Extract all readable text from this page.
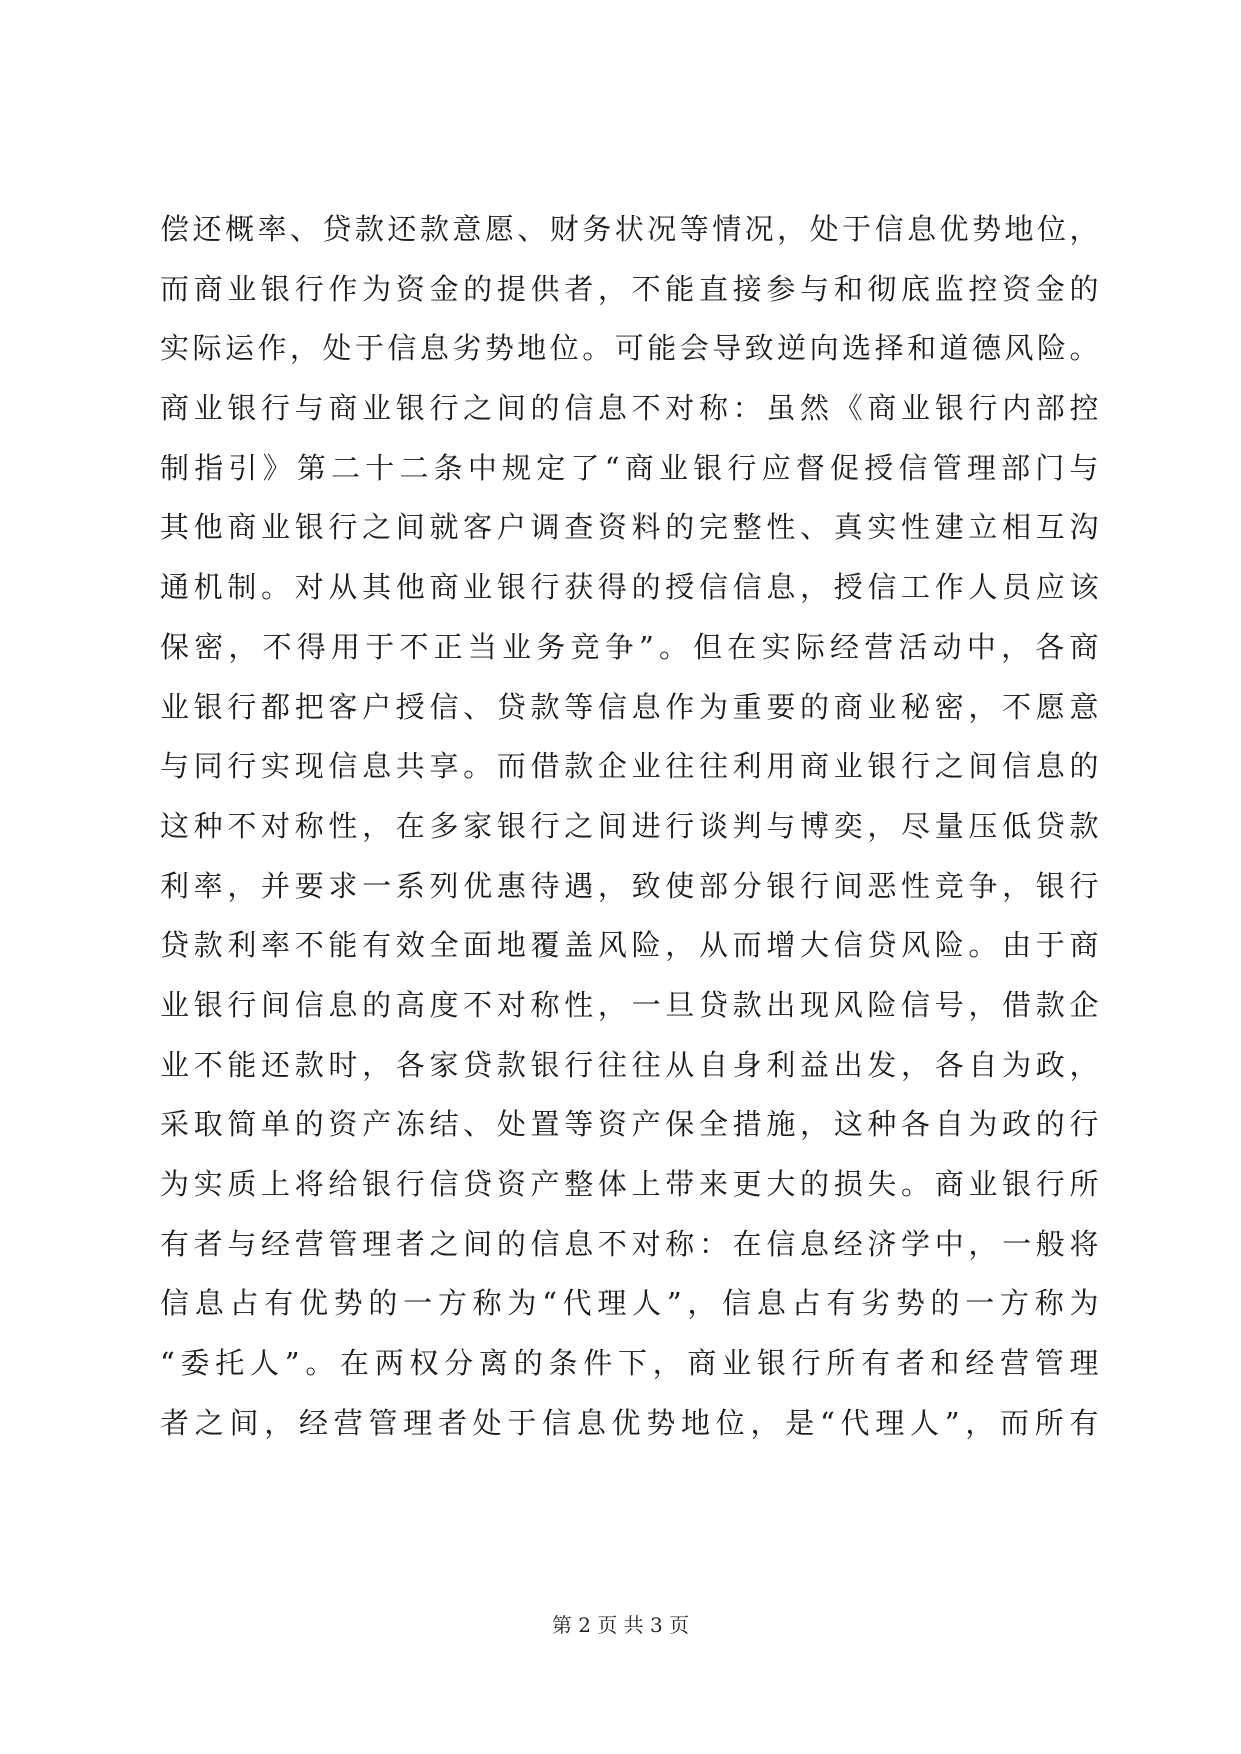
偿还概率、贷款还款意愿、财务状况等情况，处于信息优势地位，
而商业银行作为资金的提供者，不能直接参与和彻底监控资金的
实际运作，处于信息劣势地位。可能会导致逆向选择和道德风险。
商业银行与商业银行之间的信息不对称：虽然《商业银行内部控
制指引》第二十二条中规定了“商业银行应督促授信管理部门与
其他商业银行之间就客户调查资料的完整性、真实性建立相互沟
通机制。对从其他商业银行获得的授信信息，授信工作人员应该
保密，不得用于不正当业务竞争”。但在实际经营活动中，各商
业银行都把客户授信、贷款等信息作为重要的商业秘密，不愿意
与同行实现信息共享。而借款企业往往利用商业银行之间信息的
这种不对称性，在多家银行之间进行谈判与博奕，尽量压低贷款
利率，并要求一系列优惠待遇，致使部分银行间恶性竞争，银行
贷款利率不能有效全面地覆盖风险，从而增大信贷风险。由于商
业银行间信息的高度不对称性，一旦贷款出现风险信号，借款企
业不能还款时，各家贷款银行往往从自身利益出发，各自为政，
采取简单的资产冻结、处置等资产保全措施，这种各自为政的行
为实质上将给银行信贷资产整体上带来更大的损失。商业银行所
有者与经营管理者之间的信息不对称：在信息经济学中，一般将
信息占有优势的一方称为“代理人”，信息占有劣势的一方称为
“委托人”。在两权分离的条件下，商业银行所有者和经营管理
者之间，经营管理者处于信息优势地位，是“代理人”，而所有
第 2 页 共 3 页
